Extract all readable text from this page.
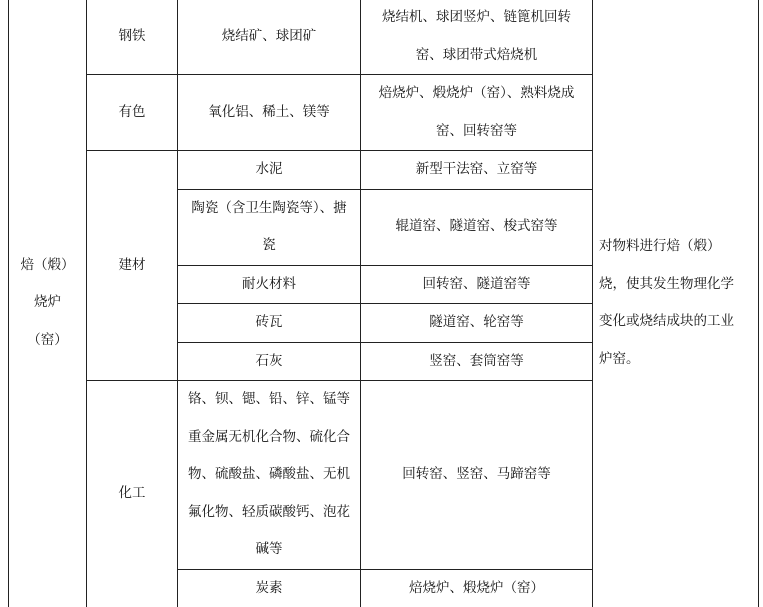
焙（煅）
烧炉
（窑）	钢铁	烧结矿、球团矿	烧结机、球团竖炉、链篦机回转
窑、球团带式焙烧机	对物料进行焙（煅）
烧，使其发生物理化学
变化或烧结成块的工业
炉窑。
	有色	氧化铝、稀土、镁等	焙烧炉、煅烧炉（窑）、熟料烧成
窑、回转窑等	
	建材	水泥	新型干法窑、立窑等	
		陶瓷（含卫生陶瓷等）、搪
瓷	辊道窑、隧道窑、梭式窑等	
		耐火材料	回转窑、隧道窑等	
		砖瓦	隧道窑、轮窑等	
		石灰	竖窑、套筒窑等	
	化工	铬、钡、锶、铅、锌、锰等
重金属无机化合物、硫化合
物、硫酸盐、磷酸盐、无机
氟化物、轻质碳酸钙、泡花
碱等	回转窑、竖窑、马蹄窑等	
		炭素	焙烧炉、煅烧炉（窑）	
